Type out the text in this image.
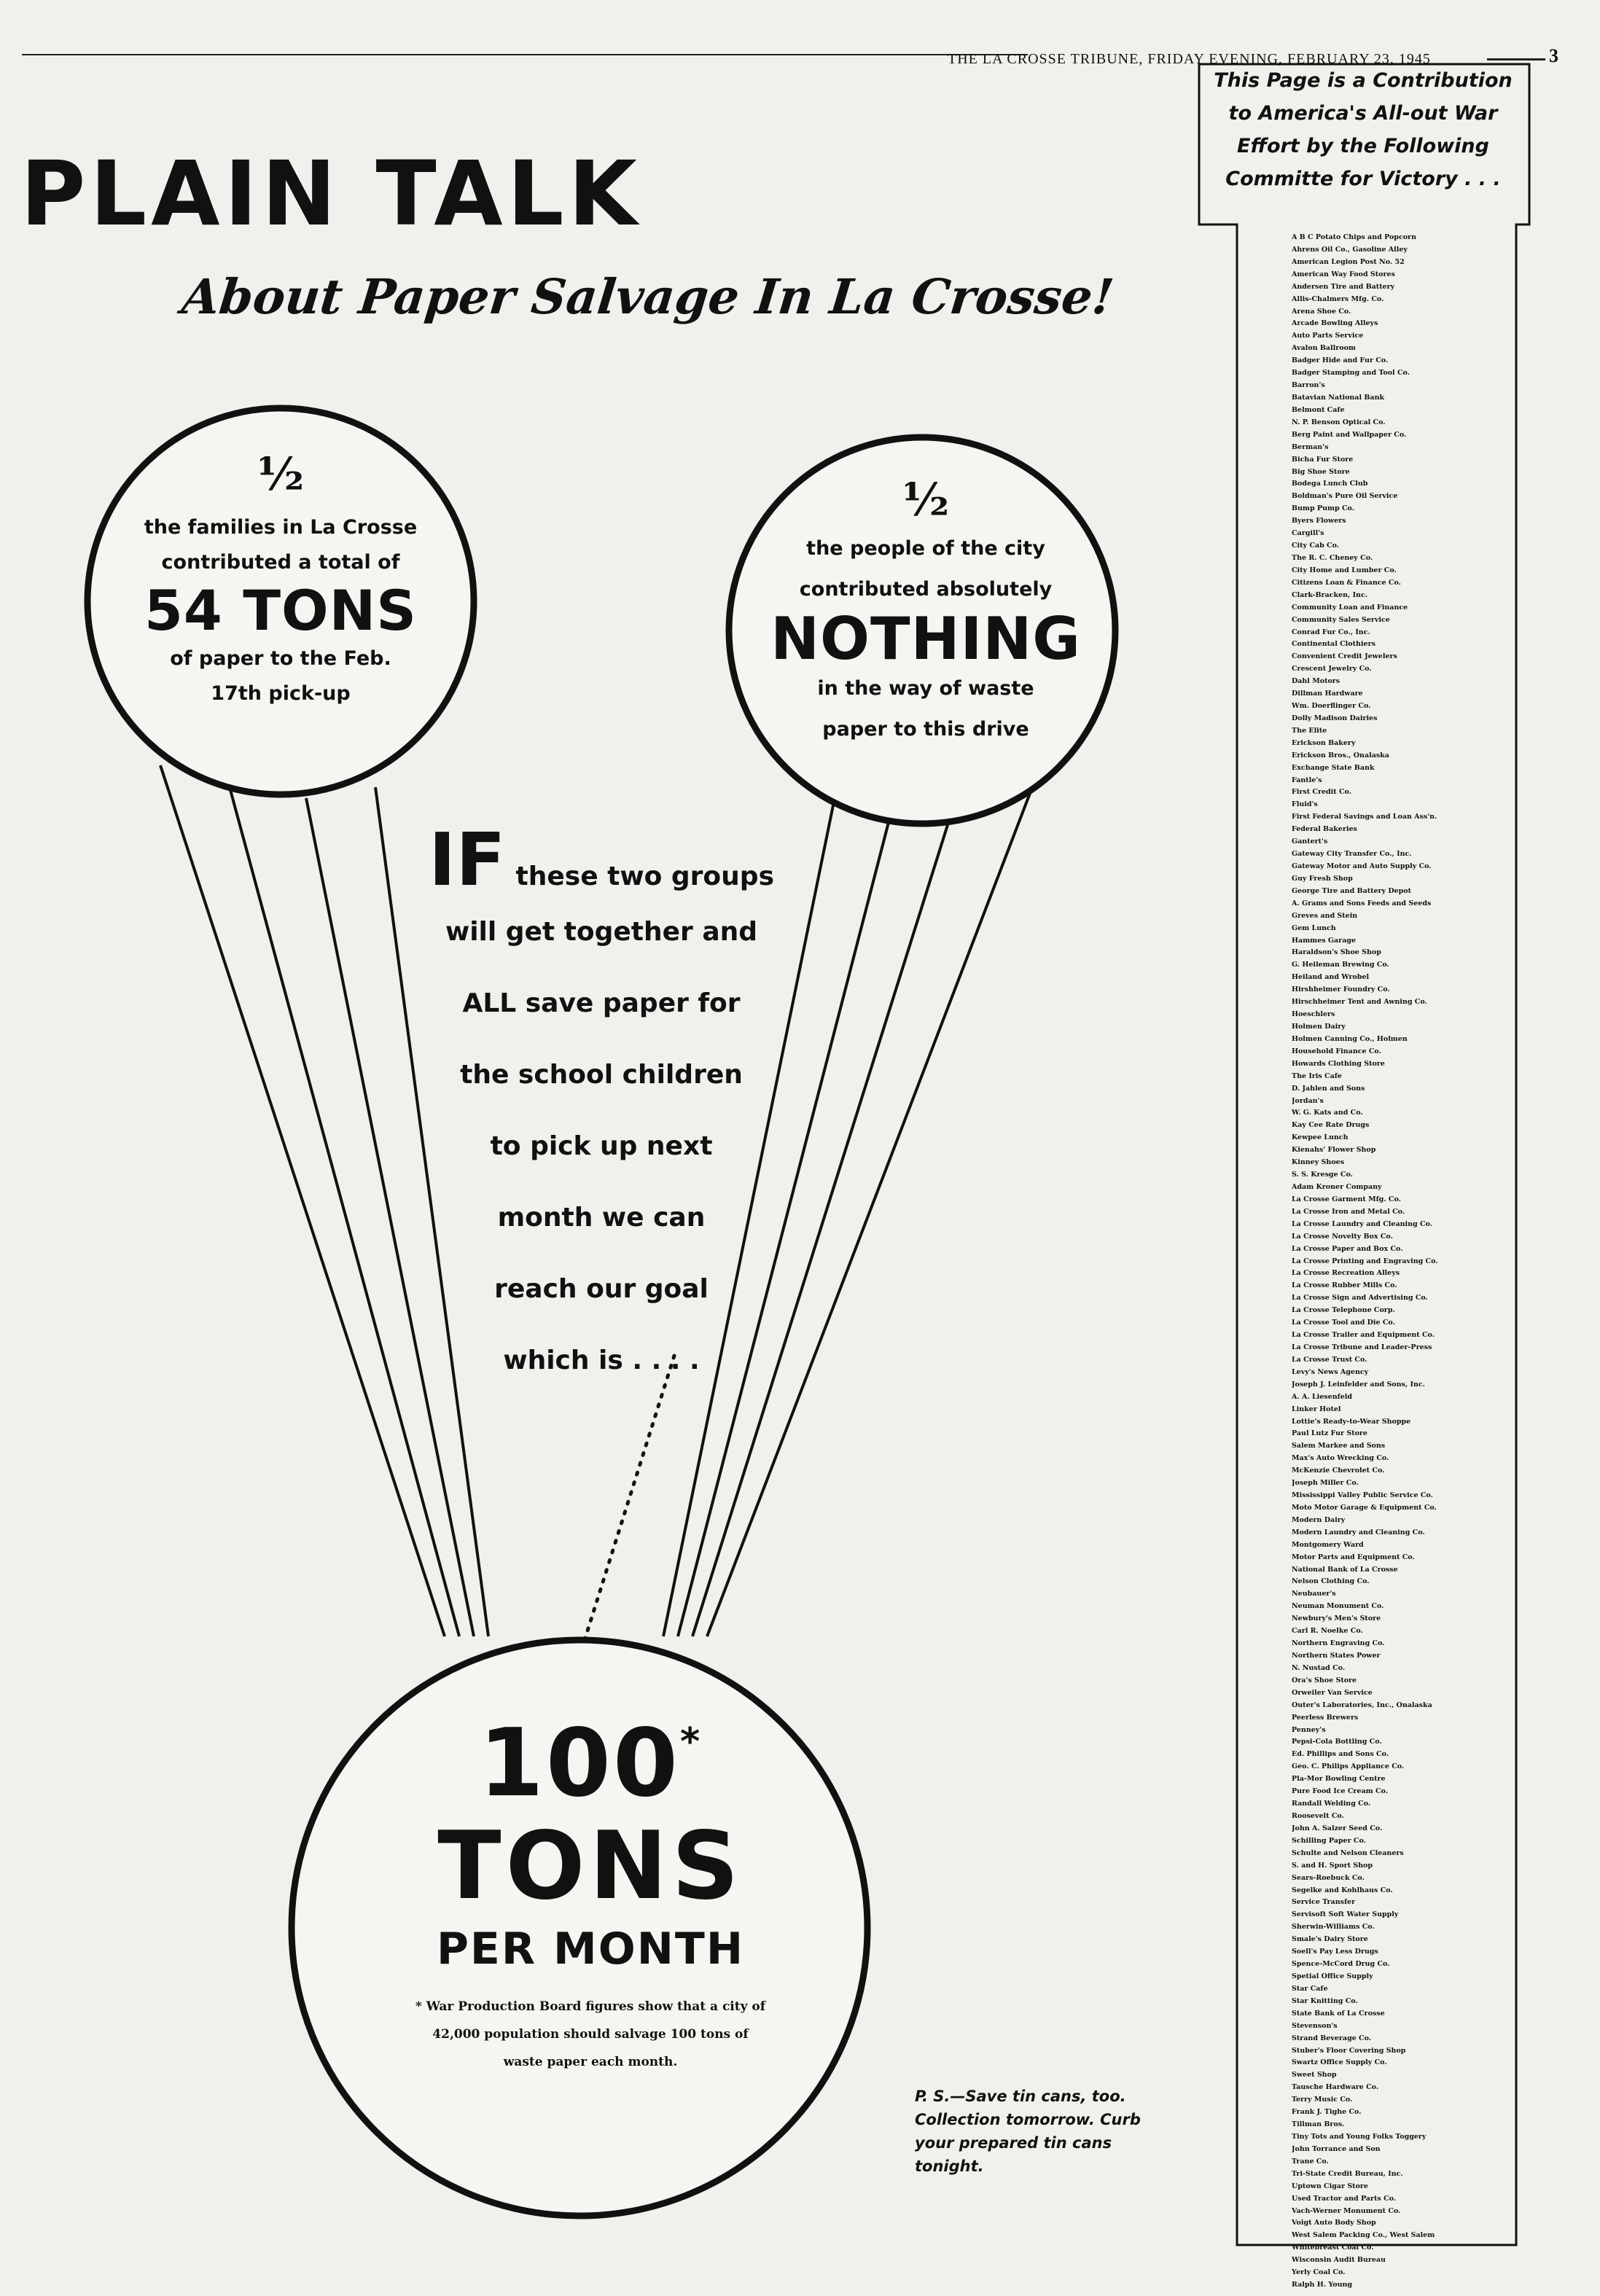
THE LA CROSSE TRIBUNE, FRIDAY EVENING, FEBRUARY 23, 1945	3
PLAIN TALK
About Paper Salvage In La Crosse!
½
the families in La Crosse
contributed a total of
54 TONS
of paper to the Feb.
17th pick-up
½
the people of the city
contributed absolutely
NOTHING
in the way of waste
paper to this drive
IF these two groups
will get together and
ALL save paper for
the school children
to pick up next
month we can
reach our goal
which is . . . .
100*
TONS
PER MONTH
* War Production Board figures show that a city of
42,000 population should salvage 100 tons of
waste paper each month.
P. S.—Save tin cans, too. Collection tomorrow. Curb your prepared tin cans tonight.
This Page is a Contribution
to America's All-out War
Effort by the Following
Committe for Victory . . .
A B C Potato Chips and Popcorn
Ahrens Oil Co., Gasoline Alley
American Legion Post No. 52
American Way Food Stores
Andersen Tire and Battery
Allis-Chalmers Mfg. Co.
Arena Shoe Co.
Arcade Bowling Alleys
Auto Parts Service
Avalon Ballroom
Badger Hide and Fur Co.
Badger Stamping and Tool Co.
Barron's
Batavian National Bank
Belmont Cafe
N. P. Benson Optical Co.
Berg Paint and Wallpaper Co.
Berman's
Bicha Fur Store
Big Shoe Store
Bodega Lunch Club
Boldman's Pure Oil Service
Bump Pump Co.
Byers Flowers
Cargill's
City Cab Co.
The R. C. Cheney Co.
City Home and Lumber Co.
Citizens Loan & Finance Co.
Clark-Bracken, Inc.
Community Loan and Finance
Community Sales Service
Conrad Fur Co., Inc.
Continental Clothiers
Convenient Credit Jewelers
Crescent Jewelry Co.
Dahl Motors
Dillman Hardware
Wm. Doerflinger Co.
Dolly Madison Dairies
The Elite
Erickson Bakery
Erickson Bros., Onalaska
Exchange State Bank
Fantle's
First Credit Co.
Fluid's
First Federal Savings and Loan Ass'n.
Federal Bakeries
Gantert's
Gateway City Transfer Co., Inc.
Gateway Motor and Auto Supply Co.
Guy Fresh Shop
George Tire and Battery Depot
A. Grams and Sons Feeds and Seeds
Greves and Stein
Gem Lunch
Hammes Garage
Haraldson's Shoe Shop
G. Heileman Brewing Co.
Heiland and Wrobel
Hirshheimer Foundry Co.
Hirschheimer Tent and Awning Co.
Hoeschlers
Holmen Dairy
Holmen Canning Co., Holmen
Household Finance Co.
Howards Clothing Store
The Iris Cafe
D. Jahlen and Sons
Jordan's
W. G. Kats and Co.
Kay Cee Rate Drugs
Kewpee Lunch
Kienahs' Flower Shop
Kinney Shoes
S. S. Kresge Co.
Adam Kroner Company
La Crosse Garment Mfg. Co.
La Crosse Iron and Metal Co.
La Crosse Laundry and Cleaning Co.
La Crosse Novelty Box Co.
La Crosse Paper and Box Co.
La Crosse Printing and Engraving Co.
La Crosse Recreation Alleys
La Crosse Rubber Mills Co.
La Crosse Sign and Advertising Co.
La Crosse Telephone Corp.
La Crosse Tool and Die Co.
La Crosse Trailer and Equipment Co.
La Crosse Tribune and Leader-Press
La Crosse Trust Co.
Levy's News Agency
Joseph J. Leinfelder and Sons, Inc.
A. A. Liesenfeld
Linker Hotel
Lottie's Ready-to-Wear Shoppe
Paul Lutz Fur Store
Salem Markee and Sons
Max's Auto Wrecking Co.
McKenzie Chevrolet Co.
Joseph Miller Co.
Mississippi Valley Public Service Co.
Moto Motor Garage & Equipment Co.
Modern Dairy
Modern Laundry and Cleaning Co.
Montgomery Ward
Motor Parts and Equipment Co.
National Bank of La Crosse
Nelson Clothing Co.
Neubauer's
Neuman Monument Co.
Newbury's Men's Store
Carl R. Noelke Co.
Northern Engraving Co.
Northern States Power
N. Nustad Co.
Ora's Shoe Store
Orweiler Van Service
Outer's Laboratories, Inc., Onalaska
Peerless Brewers
Penney's
Pepsi-Cola Bottling Co.
Ed. Phillips and Sons Co.
Geo. C. Philips Appliance Co.
Pla-Mor Bowling Centre
Pure Food Ice Cream Co.
Randall Welding Co.
Roosevelt Co.
John A. Salzer Seed Co.
Schilling Paper Co.
Schulte and Nelson Cleaners
S. and H. Sport Shop
Sears-Roebuck Co.
Segelke and Kohlhaus Co.
Service Transfer
Servisoft Soft Water Supply
Sherwin-Williams Co.
Smale's Dairy Store
Soell's Pay Less Drugs
Spence-McCord Drug Co.
Spetial Office Supply
Star Cafe
Star Knitting Co.
State Bank of La Crosse
Stevenson's
Strand Beverage Co.
Stuber's Floor Covering Shop
Swartz Office Supply Co.
Sweet Shop
Tausche Hardware Co.
Terry Music Co.
Frank J. Tighe Co.
Tillman Bros.
Tiny Tots and Young Folks Toggery
John Torrance and Son
Trane Co.
Tri-State Credit Bureau, Inc.
Uptown Cigar Store
Used Tractor and Parts Co.
Vach-Werner Monument Co.
Voigt Auto Body Shop
West Salem Packing Co., West Salem
Whitebreast Coal Co.
Wisconsin Audit Bureau
Yerly Coal Co.
Ralph H. Young
